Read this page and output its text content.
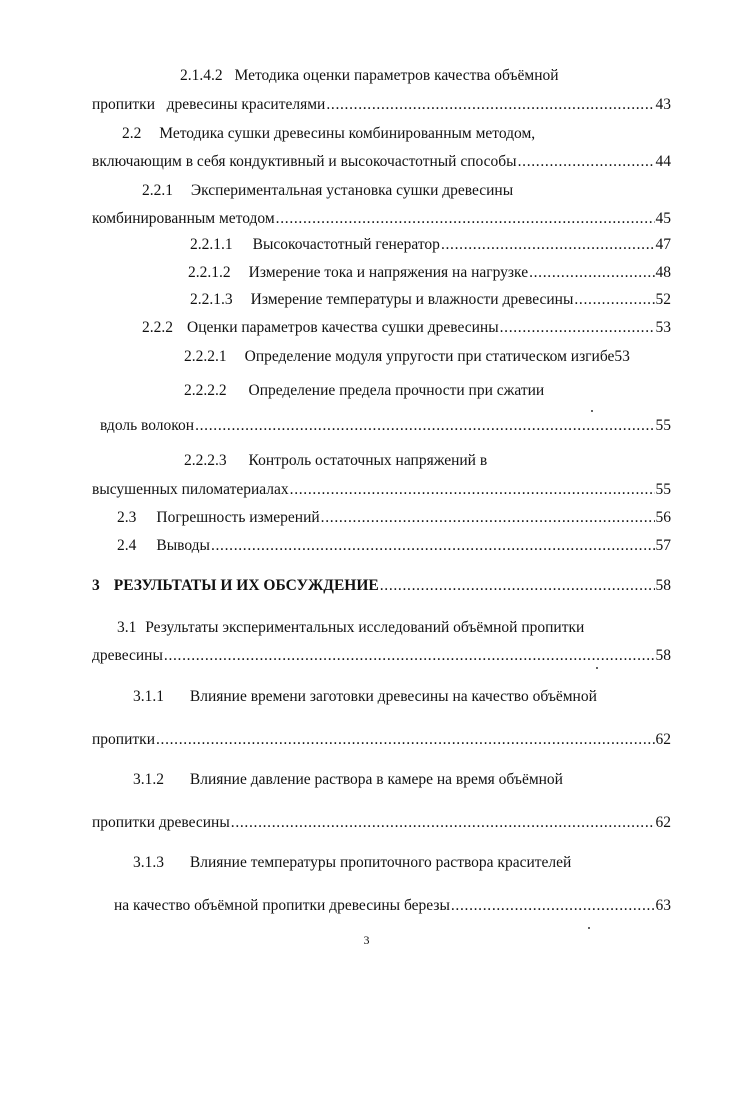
2.1.4.2 Методика оценки параметров качества объёмной
пропитки   древесины красителями . . .	43
2.2 Методика сушки древесины комбинированным методом,
включающим в себя кондуктивный и высокочастотный способы . . .	44
2.2.1 Экспериментальная установка сушки древесины
комбинированным методом . . .	45
2.2.1.1 Высокочастотный генератор . . .	47
2.2.1.2 Измерение тока и напряжения на нагрузке . . .	48
2.2.1.3 Измерение температуры и влажности древесины . . .	52
2.2.2 Оценки параметров качества сушки древесины . . .	53
2.2.2.1 Определение модуля упругости при статическом изгибе 53
2.2.2.2 Определение предела прочности при сжатии
вдоль волокон . . .	55
2.2.2.3 Контроль остаточных напряжений в
высушенных пиломатериалах . . .	55
2.3 Погрешность измерений . . .	56
2.4 Выводы . . .	57
3 РЕЗУЛЬТАТЫ И ИХ ОБСУЖДЕНИЕ . . .	58
3.1 Результаты экспериментальных исследований объёмной пропитки
древесины . . .	58
3.1.1 Влияние времени заготовки древесины на качество объёмной
пропитки . . .	62
3.1.2 Влияние давление раствора в камере на время объёмной
пропитки древесины . . .	62
3.1.3 Влияние температуры пропиточного раствора красителей
на качество объёмной пропитки древесины березы . . .	63
3
